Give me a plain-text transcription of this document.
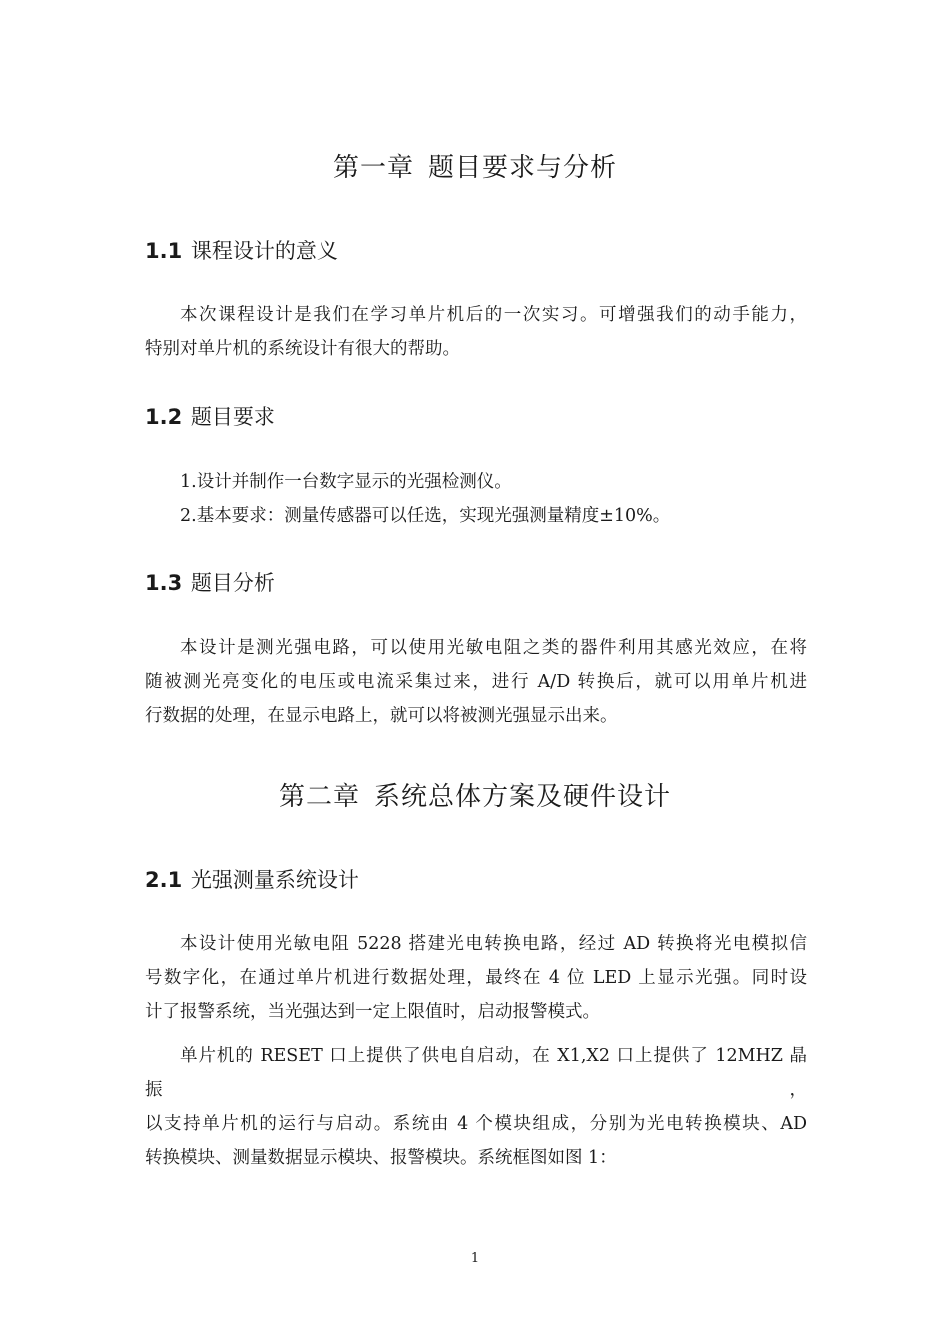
第一章 题目要求与分析
1.1 课程设计的意义
本次课程设计是我们在学习单片机后的一次实习。可增强我们的动手能力，
特别对单片机的系统设计有很大的帮助。
1.2 题目要求
1.设计并制作一台数字显示的光强检测仪。
2.基本要求：测量传感器可以任选，实现光强测量精度±10%。
1.3 题目分析
本设计是测光强电路，可以使用光敏电阻之类的器件利用其感光效应，在将
随被测光亮变化的电压或电流采集过来，进行 A/D 转换后，就可以用单片机进
行数据的处理，在显示电路上，就可以将被测光强显示出来。
第二章 系统总体方案及硬件设计
2.1 光强测量系统设计
本设计使用光敏电阻 5228 搭建光电转换电路，经过 AD 转换将光电模拟信
号数字化，在通过单片机进行数据处理，最终在 4 位 LED 上显示光强。同时设
计了报警系统，当光强达到一定上限值时，启动报警模式。
单片机的 RESET 口上提供了供电自启动，在 X1,X2 口上提供了 12MHZ 晶振，
以支持单片机的运行与启动。系统由 4 个模块组成，分别为光电转换模块、AD
转换模块、测量数据显示模块、报警模块。系统框图如图 1：
1
